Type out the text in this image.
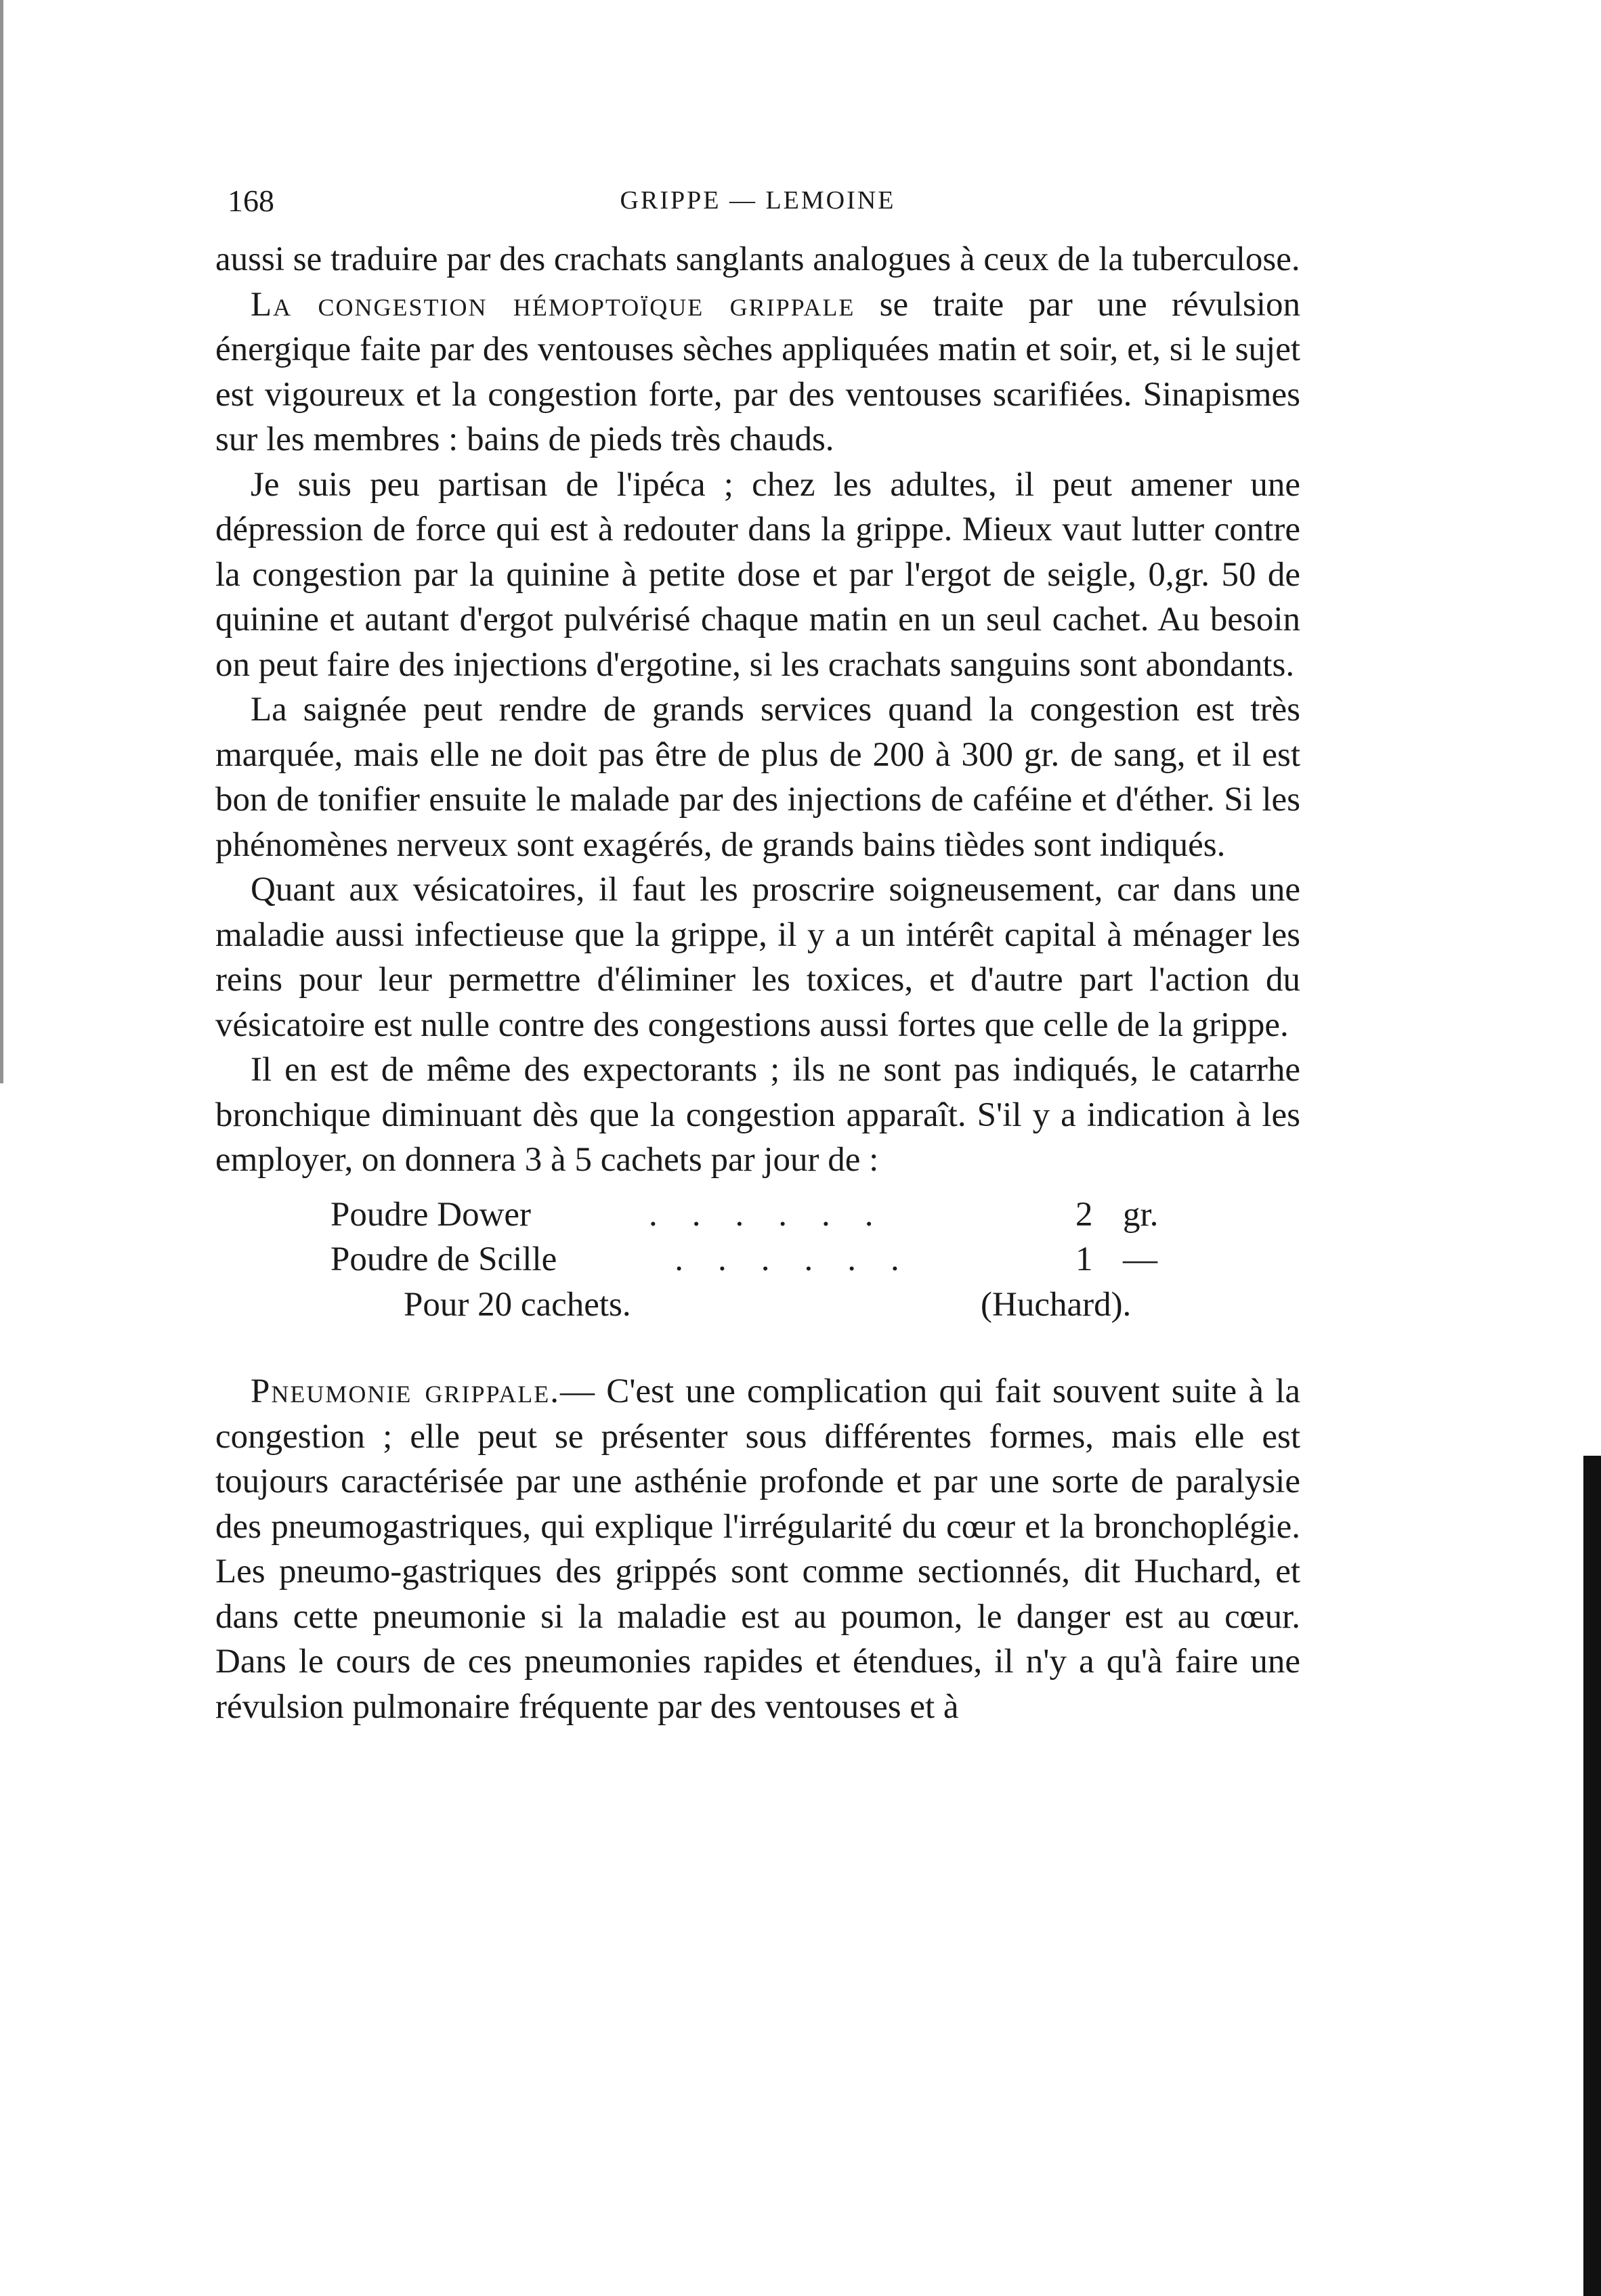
168	GRIPPE — LEMOINE

aussi se traduire par des crachats sanglants analogues à ceux de la tuberculose.

La congestion hémoptoïque grippale se traite par une révulsion énergique faite par des ventouses sèches appliquées matin et soir, et, si le sujet est vigoureux et la congestion forte, par des ventouses scarifiées. Sinapismes sur les membres : bains de pieds très chauds.

Je suis peu partisan de l'ipéca ; chez les adultes, il peut amener une dépression de force qui est à redouter dans la grippe. Mieux vaut lutter contre la congestion par la quinine à petite dose et par l'ergot de seigle, 0,gr. 50 de quinine et autant d'ergot pulvérisé chaque matin en un seul cachet. Au besoin on peut faire des injections d'ergotine, si les crachats sanguins sont abondants.

La saignée peut rendre de grands services quand la congestion est très marquée, mais elle ne doit pas être de plus de 200 à 300 gr. de sang, et il est bon de tonifier ensuite le malade par des injections de caféine et d'éther. Si les phénomènes nerveux sont exagérés, de grands bains tièdes sont indiqués.

Quant aux vésicatoires, il faut les proscrire soigneusement, car dans une maladie aussi infectieuse que la grippe, il y a un intérêt capital à ménager les reins pour leur permettre d'éliminer les toxices, et d'autre part l'action du vésicatoire est nulle contre des congestions aussi fortes que celle de la grippe.

Il en est de même des expectorants ; ils ne sont pas indiqués, le catarrhe bronchique diminuant dès que la congestion apparaît. S'il y a indication à les employer, on donnera 3 à 5 cachets par jour de :

Poudre Dower	.    .    .    .    .    .	2 gr.
Poudre de Scille	.    .    .    .    .    .	1 —
Pour 20 cachets.	(Huchard).

Pneumonie grippale.— C'est une complication qui fait souvent suite à la congestion ; elle peut se présenter sous différentes formes, mais elle est toujours caractérisée par une asthénie profonde et par une sorte de paralysie des pneumogastriques, qui explique l'irrégularité du cœur et la bronchoplégie. Les pneumo-gastriques des grippés sont comme sectionnés, dit Huchard, et dans cette pneumonie si la maladie est au poumon, le danger est au cœur. Dans le cours de ces pneumonies rapides et étendues, il n'y a qu'à faire une révulsion pulmonaire fréquente par des ventouses et à
